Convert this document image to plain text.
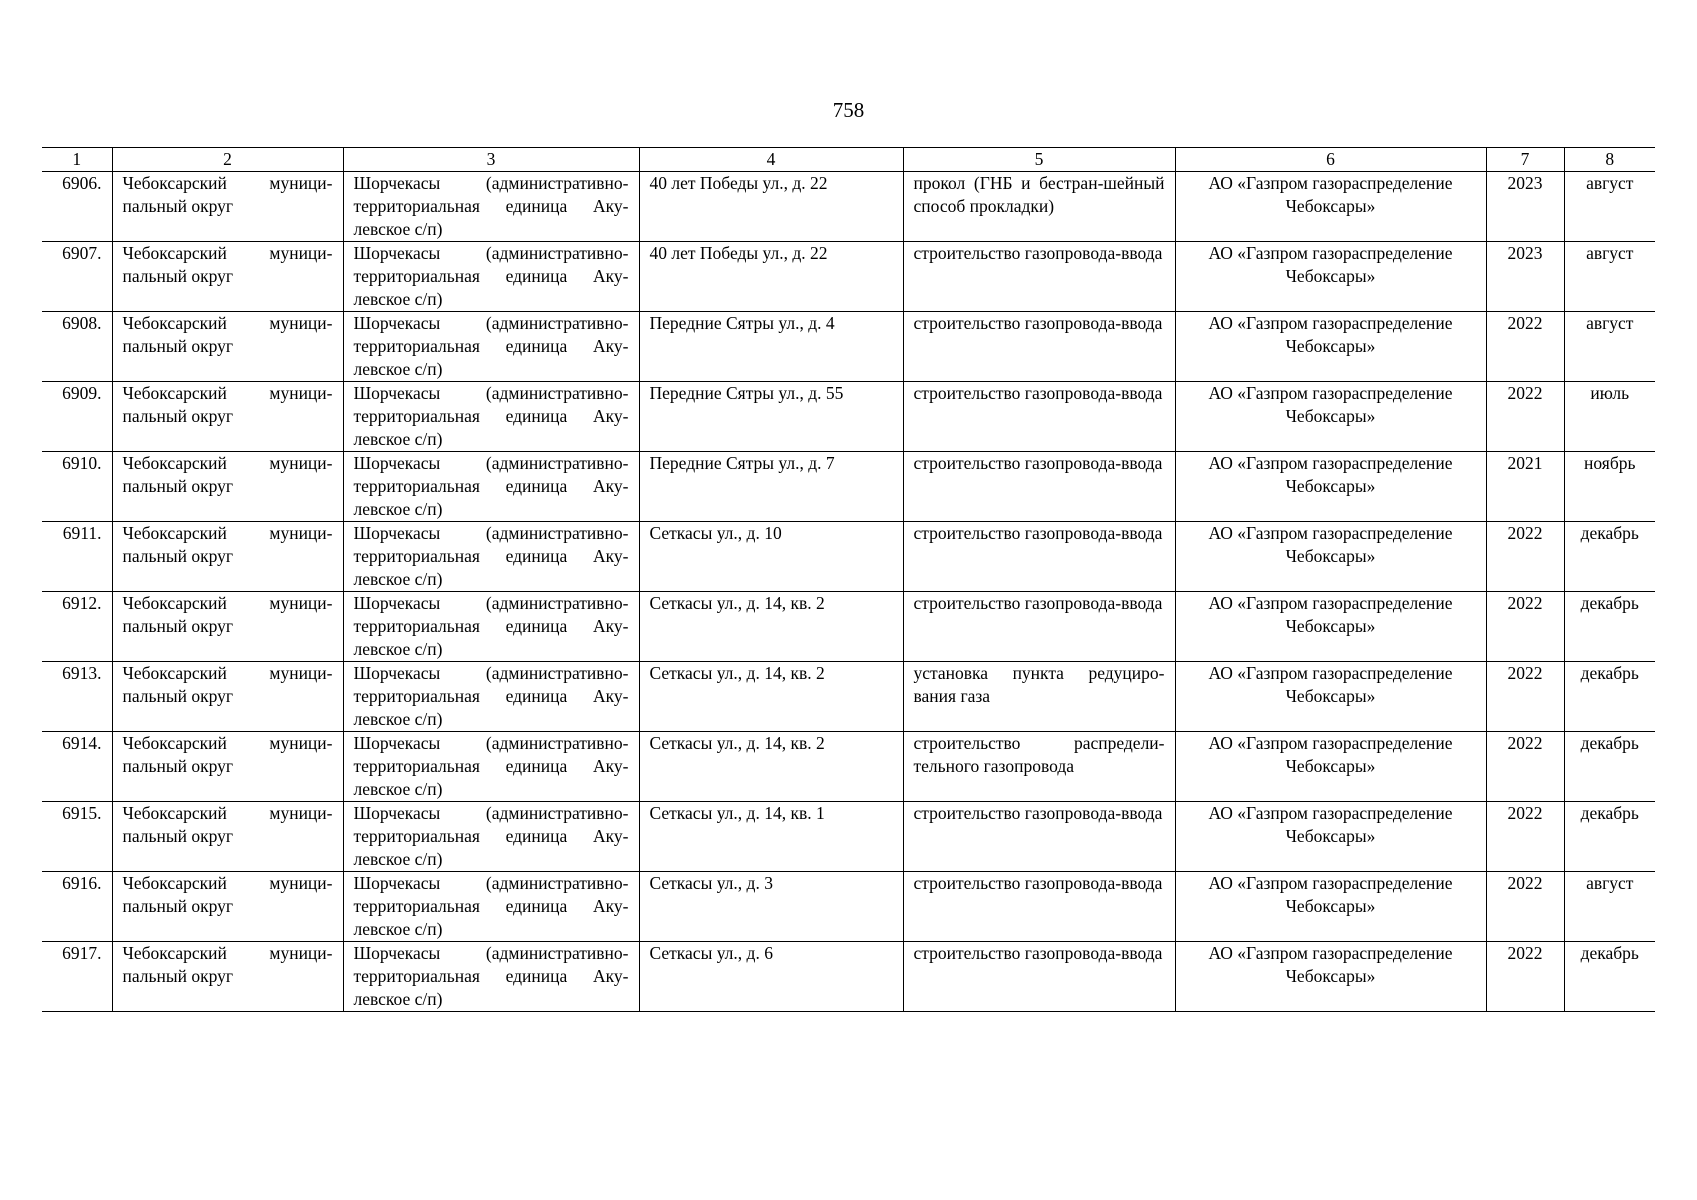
758
1	2	3	4	5	6	7	8
6906.	Чебоксарский муници-пальный округ	Шорчекасы (административно-территориальная единица Аку-левское с/п)	40 лет Победы ул., д. 22	прокол (ГНБ и бестран-шейный способ прокладки)	АО «Газпром газораспределение Чебоксары»	2023	август
6907.	Чебоксарский муници-пальный округ	Шорчекасы (административно-территориальная единица Аку-левское с/п)	40 лет Победы ул., д. 22	строительство газопровода-ввода	АО «Газпром газораспределение Чебоксары»	2023	август
6908.	Чебоксарский муници-пальный округ	Шорчекасы (административно-территориальная единица Аку-левское с/п)	Передние Сятры ул., д. 4	строительство газопровода-ввода	АО «Газпром газораспределение Чебоксары»	2022	август
6909.	Чебоксарский муници-пальный округ	Шорчекасы (административно-территориальная единица Аку-левское с/п)	Передние Сятры ул., д. 55	строительство газопровода-ввода	АО «Газпром газораспределение Чебоксары»	2022	июль
6910.	Чебоксарский муници-пальный округ	Шорчекасы (административно-территориальная единица Аку-левское с/п)	Передние Сятры ул., д. 7	строительство газопровода-ввода	АО «Газпром газораспределение Чебоксары»	2021	ноябрь
6911.	Чебоксарский муници-пальный округ	Шорчекасы (административно-территориальная единица Аку-левское с/п)	Сеткасы ул., д. 10	строительство газопровода-ввода	АО «Газпром газораспределение Чебоксары»	2022	декабрь
6912.	Чебоксарский муници-пальный округ	Шорчекасы (административно-территориальная единица Аку-левское с/п)	Сеткасы ул., д. 14, кв. 2	строительство газопровода-ввода	АО «Газпром газораспределение Чебоксары»	2022	декабрь
6913.	Чебоксарский муници-пальный округ	Шорчекасы (административно-территориальная единица Аку-левское с/п)	Сеткасы ул., д. 14, кв. 2	установка пункта редуциро-вания газа	АО «Газпром газораспределение Чебоксары»	2022	декабрь
6914.	Чебоксарский муници-пальный округ	Шорчекасы (административно-территориальная единица Аку-левское с/п)	Сеткасы ул., д. 14, кв. 2	строительство распредели-тельного газопровода	АО «Газпром газораспределение Чебоксары»	2022	декабрь
6915.	Чебоксарский муници-пальный округ	Шорчекасы (административно-территориальная единица Аку-левское с/п)	Сеткасы ул., д. 14, кв. 1	строительство газопровода-ввода	АО «Газпром газораспределение Чебоксары»	2022	декабрь
6916.	Чебоксарский муници-пальный округ	Шорчекасы (административно-территориальная единица Аку-левское с/п)	Сеткасы ул., д. 3	строительство газопровода-ввода	АО «Газпром газораспределение Чебоксары»	2022	август
6917.	Чебоксарский муници-пальный округ	Шорчекасы (административно-территориальная единица Аку-левское с/п)	Сеткасы ул., д. 6	строительство газопровода-ввода	АО «Газпром газораспределение Чебоксары»	2022	декабрь
